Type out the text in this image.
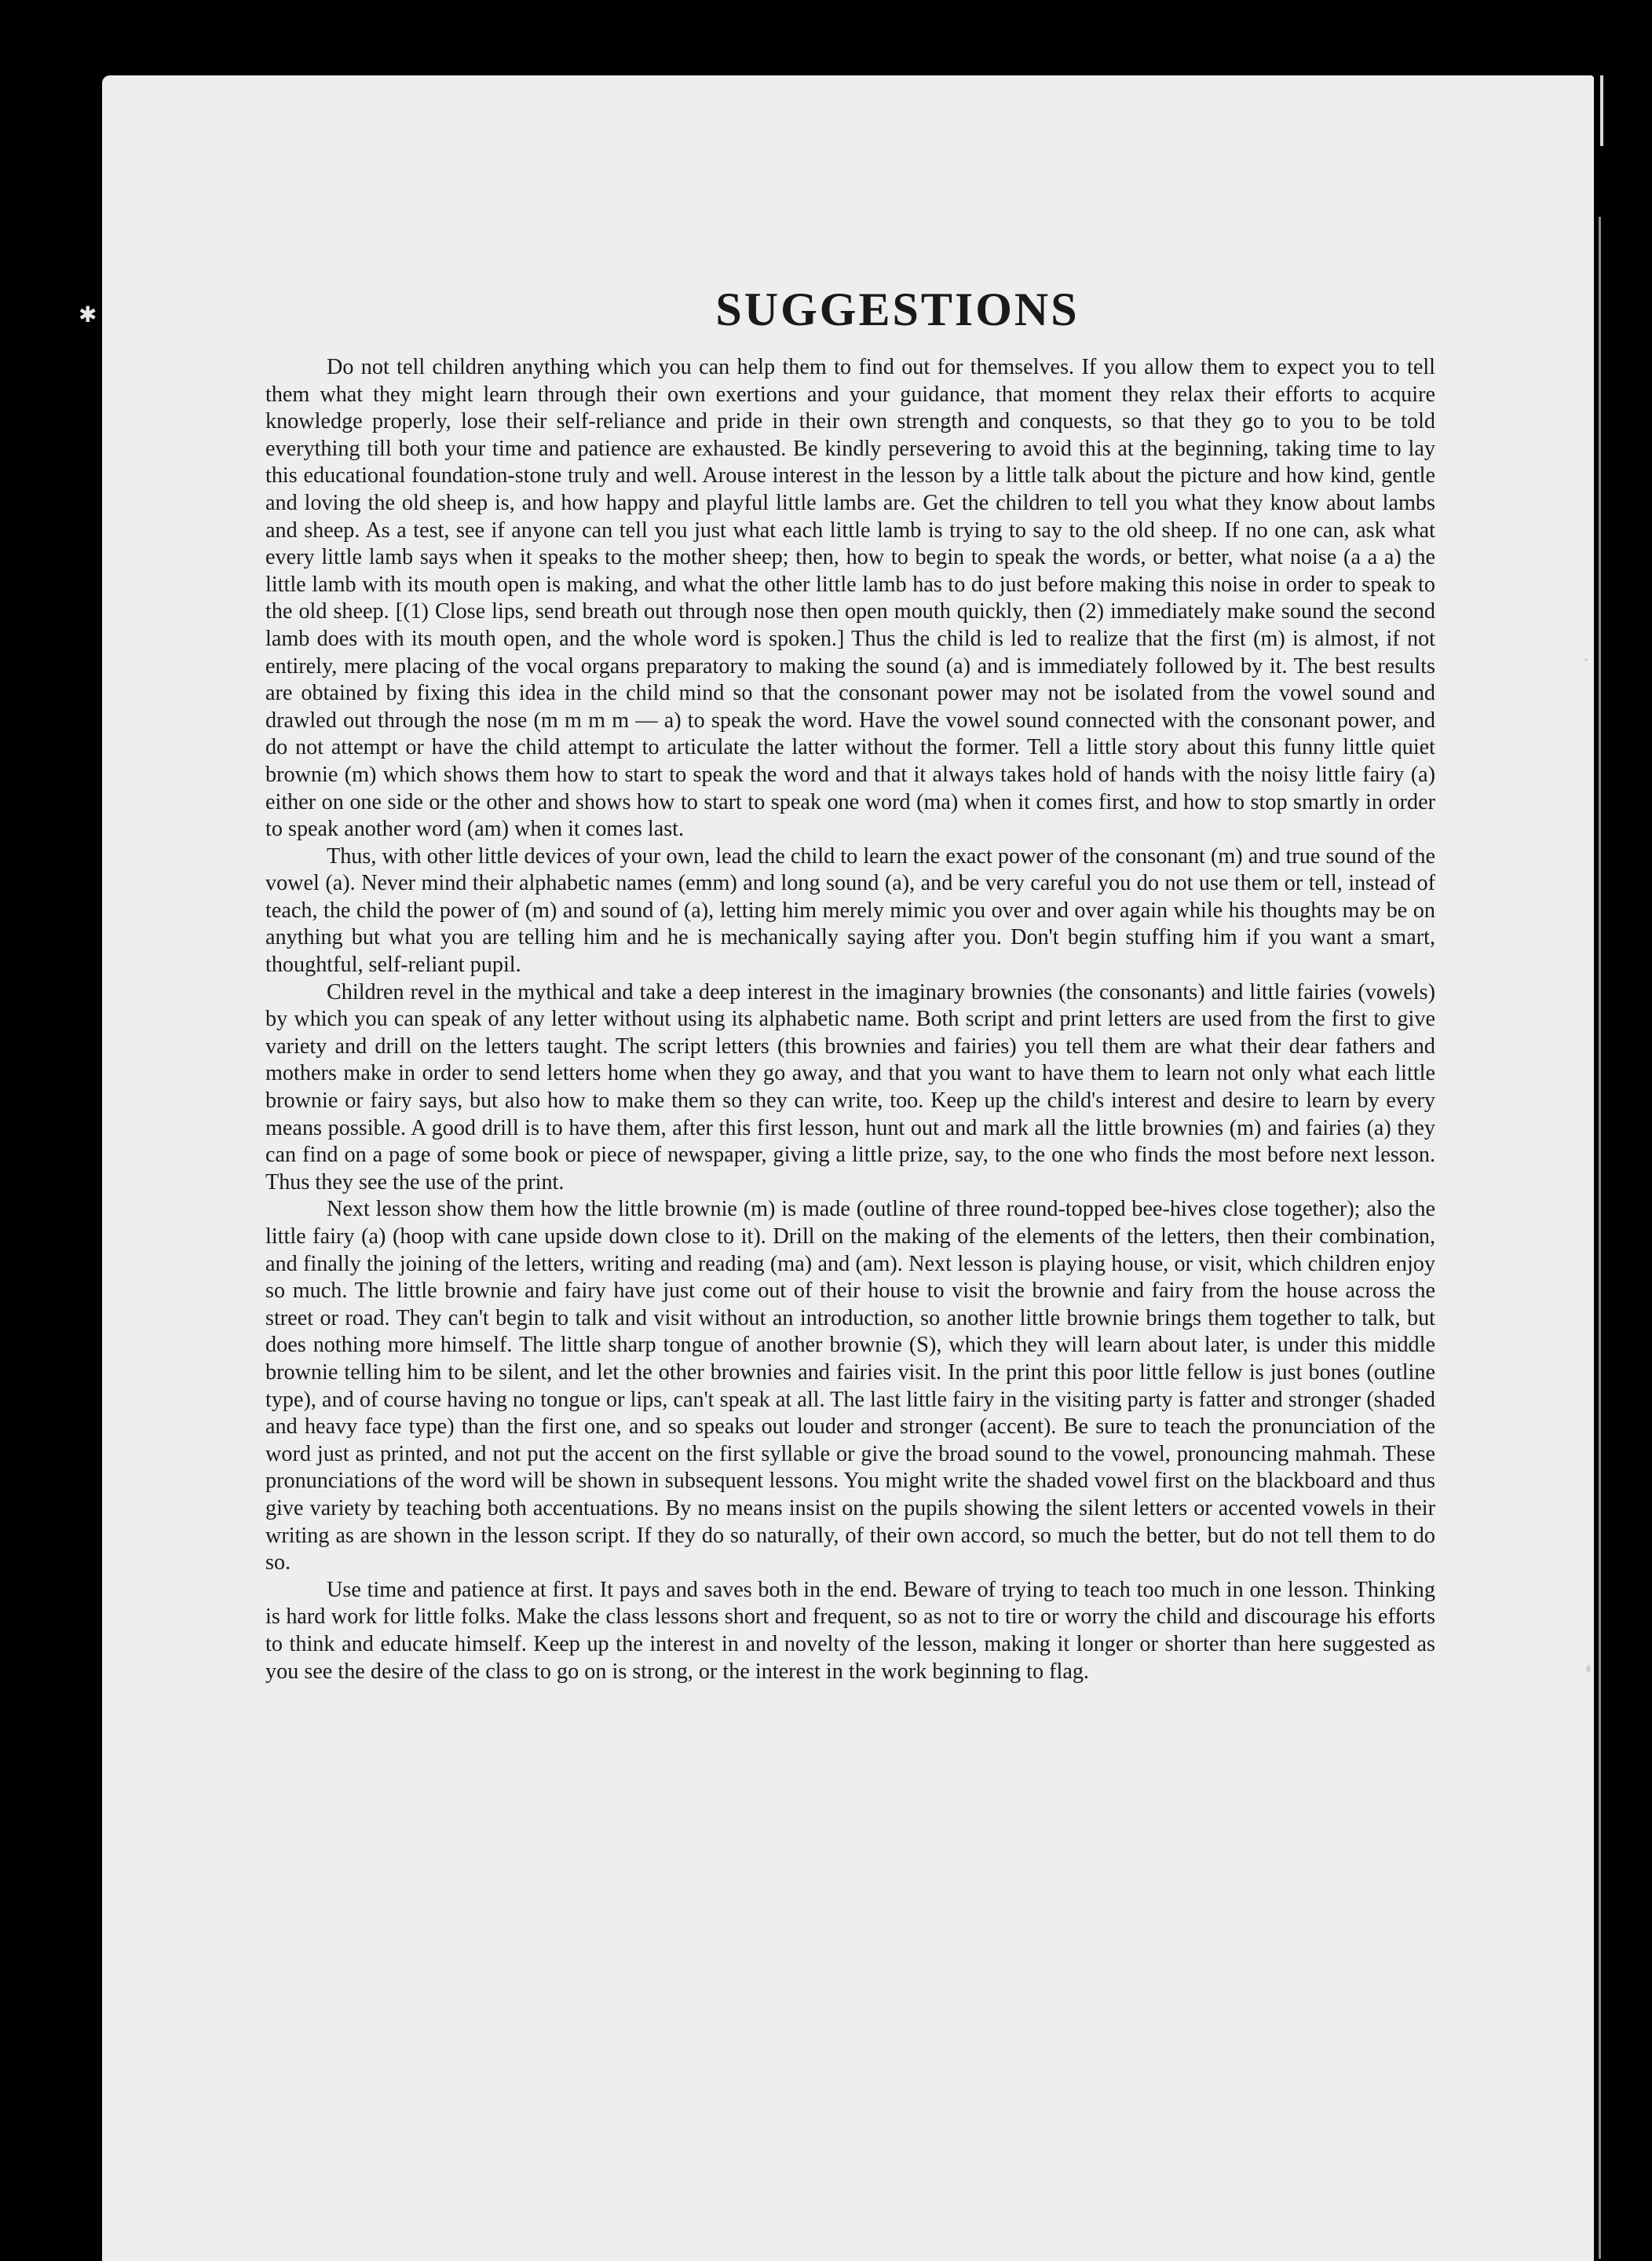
✱	SUGGESTIONS

Do not tell children anything which you can help them to find out for themselves. If you allow them to expect you to tell them what they might learn through their own exertions and your guidance, that moment they relax their efforts to acquire knowledge properly, lose their self-reliance and pride in their own strength and conquests, so that they go to you to be told everything till both your time and patience are exhausted. Be kindly persevering to avoid this at the beginning, taking time to lay this educational foundation-stone truly and well. Arouse interest in the lesson by a little talk about the picture and how kind, gentle and loving the old sheep is, and how happy and playful little lambs are. Get the children to tell you what they know about lambs and sheep. As a test, see if anyone can tell you just what each little lamb is trying to say to the old sheep. If no one can, ask what every little lamb says when it speaks to the mother sheep; then, how to begin to speak the words, or better, what noise (a a a) the little lamb with its mouth open is making, and what the other little lamb has to do just before making this noise in order to speak to the old sheep. [(1) Close lips, send breath out through nose then open mouth quickly, then (2) immediately make sound the second lamb does with its mouth open, and the whole word is spoken.] Thus the child is led to realize that the first (m) is almost, if not entirely, mere placing of the vocal organs preparatory to making the sound (a) and is immediately followed by it. The best results are obtained by fixing this idea in the child mind so that the consonant power may not be isolated from the vowel sound and drawled out through the nose (m m m m — a) to speak the word. Have the vowel sound connected with the consonant power, and do not attempt or have the child attempt to articulate the latter without the former. Tell a little story about this funny little quiet brownie (m) which shows them how to start to speak the word and that it always takes hold of hands with the noisy little fairy (a) either on one side or the other and shows how to start to speak one word (ma) when it comes first, and how to stop smartly in order to speak another word (am) when it comes last.

Thus, with other little devices of your own, lead the child to learn the exact power of the consonant (m) and true sound of the vowel (a). Never mind their alphabetic names (emm) and long sound (a), and be very careful you do not use them or tell, instead of teach, the child the power of (m) and sound of (a), letting him merely mimic you over and over again while his thoughts may be on anything but what you are telling him and he is mechanically saying after you. Don't begin stuffing him if you want a smart, thoughtful, self-reliant pupil.

Children revel in the mythical and take a deep interest in the imaginary brownies (the consonants) and little fairies (vowels) by which you can speak of any letter without using its alphabetic name. Both script and print letters are used from the first to give variety and drill on the letters taught. The script letters (this brownies and fairies) you tell them are what their dear fathers and mothers make in order to send letters home when they go away, and that you want to have them to learn not only what each little brownie or fairy says, but also how to make them so they can write, too. Keep up the child's interest and desire to learn by every means possible. A good drill is to have them, after this first lesson, hunt out and mark all the little brownies (m) and fairies (a) they can find on a page of some book or piece of newspaper, giving a little prize, say, to the one who finds the most before next lesson. Thus they see the use of the print.

Next lesson show them how the little brownie (m) is made (outline of three round-topped bee-hives close together); also the little fairy (a) (hoop with cane upside down close to it). Drill on the making of the elements of the letters, then their combination, and finally the joining of the letters, writing and reading (ma) and (am). Next lesson is playing house, or visit, which children enjoy so much. The little brownie and fairy have just come out of their house to visit the brownie and fairy from the house across the street or road. They can't begin to talk and visit without an introduction, so another little brownie brings them together to talk, but does nothing more himself. The little sharp tongue of another brownie (S), which they will learn about later, is under this middle brownie telling him to be silent, and let the other brownies and fairies visit. In the print this poor little fellow is just bones (outline type), and of course having no tongue or lips, can't speak at all. The last little fairy in the visiting party is fatter and stronger (shaded and heavy face type) than the first one, and so speaks out louder and stronger (accent). Be sure to teach the pronunciation of the word just as printed, and not put the accent on the first syllable or give the broad sound to the vowel, pronouncing mahmah. These pronunciations of the word will be shown in subsequent lessons. You might write the shaded vowel first on the blackboard and thus give variety by teaching both accentuations. By no means insist on the pupils showing the silent letters or accented vowels in their writing as are shown in the lesson script. If they do so naturally, of their own accord, so much the better, but do not tell them to do so.

Use time and patience at first. It pays and saves both in the end. Beware of trying to teach too much in one lesson. Thinking is hard work for little folks. Make the class lessons short and frequent, so as not to tire or worry the child and discourage his efforts to think and educate himself. Keep up the interest in and novelty of the lesson, making it longer or shorter than here suggested as you see the desire of the class to go on is strong, or the interest in the work beginning to flag.
